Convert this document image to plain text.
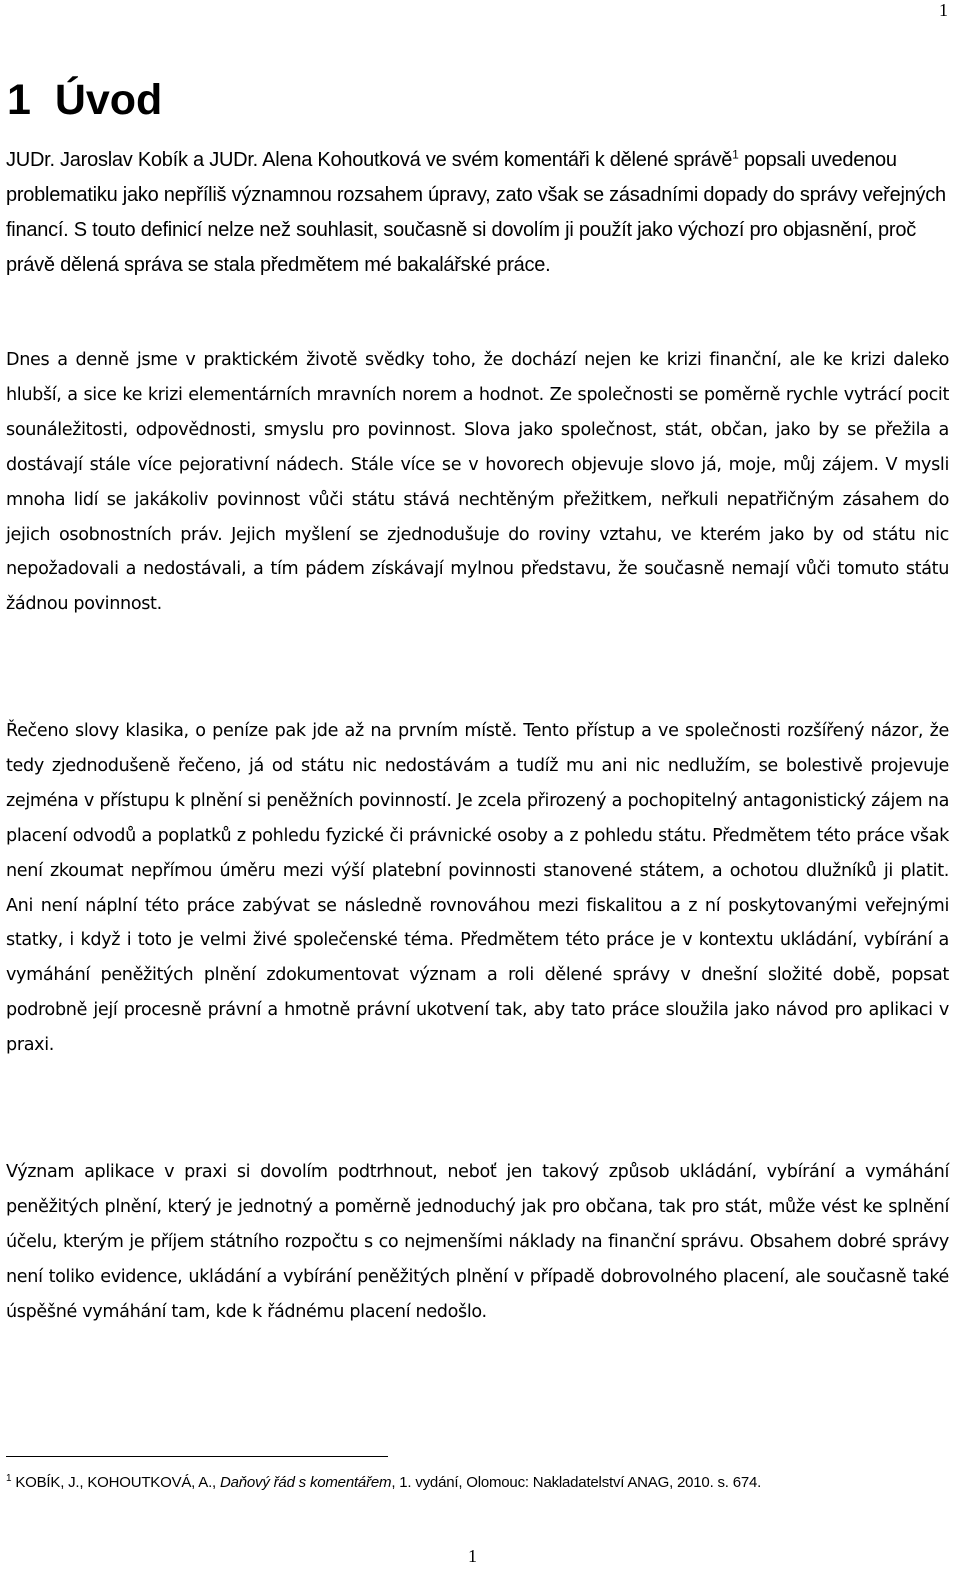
1
1 Úvod

JUDr. Jaroslav Kobík a JUDr. Alena Kohoutková ve svém komentáři k dělené správě$^1$ popsali uvedenou problematiku jako nepříliš významnou rozsahem úpravy, zato však se zásadními dopady do správy veřejných financí. S touto definicí nelze než souhlasit, současně si dovolím ji použít jako výchozí pro objasnění, proč právě dělená správa se stala předmětem mé bakalářské práce.

Dnes a denně jsme v praktickém životě svědky toho, že dochází nejen ke krizi finanční, ale ke krizi daleko hlubší, a sice ke krizi elementárních mravních norem a hodnot. Ze společnosti se poměrně rychle vytrácí pocit sounáležitosti, odpovědnosti, smyslu pro povinnost. Slova jako společnost, stát, občan, jako by se přežila a dostávají stále více pejorativní nádech. Stále více se v hovorech objevuje slovo já, moje, můj zájem. V mysli mnoha lidí se jakákoliv povinnost vůči státu stává nechtěným přežitkem, neřkuli nepatřičným zásahem do jejich osobnostních práv. Jejich myšlení se zjednodušuje do roviny vztahu, ve kterém jako by od státu nic nepožadovali a nedostávali, a tím pádem získávají mylnou představu, že současně nemají vůči tomuto státu žádnou povinnost.

Řečeno slovy klasika, o peníze pak jde až na prvním místě. Tento přístup a ve společnosti rozšířený názor, že tedy zjednodušeně řečeno, já od státu nic nedostávám a tudíž mu ani nic nedlužím, se bolestivě projevuje zejména v přístupu k plnění si peněžních povinností. Je zcela přirozený a pochopitelný antagonistický zájem na placení odvodů a poplatků z pohledu fyzické či právnické osoby a z pohledu státu. Předmětem této práce však není zkoumat nepřímou úměru mezi výší platební povinnosti stanovené státem, a ochotou dlužníků ji platit. Ani není náplní této práce zabývat se následně rovnováhou mezi fiskalitou a z ní poskytovanými veřejnými statky, i když i toto je velmi živé společenské téma. Předmětem této práce je v kontextu ukládání, vybírání a vymáhání peněžitých plnění zdokumentovat význam a roli dělené správy v dnešní složité době, popsat podrobně její procesně právní a hmotně právní ukotvení tak, aby tato práce sloužila jako návod pro aplikaci v praxi.

Význam aplikace v praxi si dovolím podtrhnout, neboť jen takový způsob ukládání, vybírání a vymáhání peněžitých plnění, který je jednotný a poměrně jednoduchý jak pro občana, tak pro stát, může vést ke splnění účelu, kterým je příjem státního rozpočtu s co nejmenšími náklady na finanční správu. Obsahem dobré správy není toliko evidence, ukládání a vybírání peněžitých plnění v případě dobrovolného placení, ale současně také úspěšné vymáhání tam, kde k řádnému placení nedošlo.

$^1$ KOBÍK, J., KOHOUTKOVÁ, A., Daňový řád s komentářem, 1. vydání, Olomouc: Nakladatelství ANAG, 2010. s. 674.
1
